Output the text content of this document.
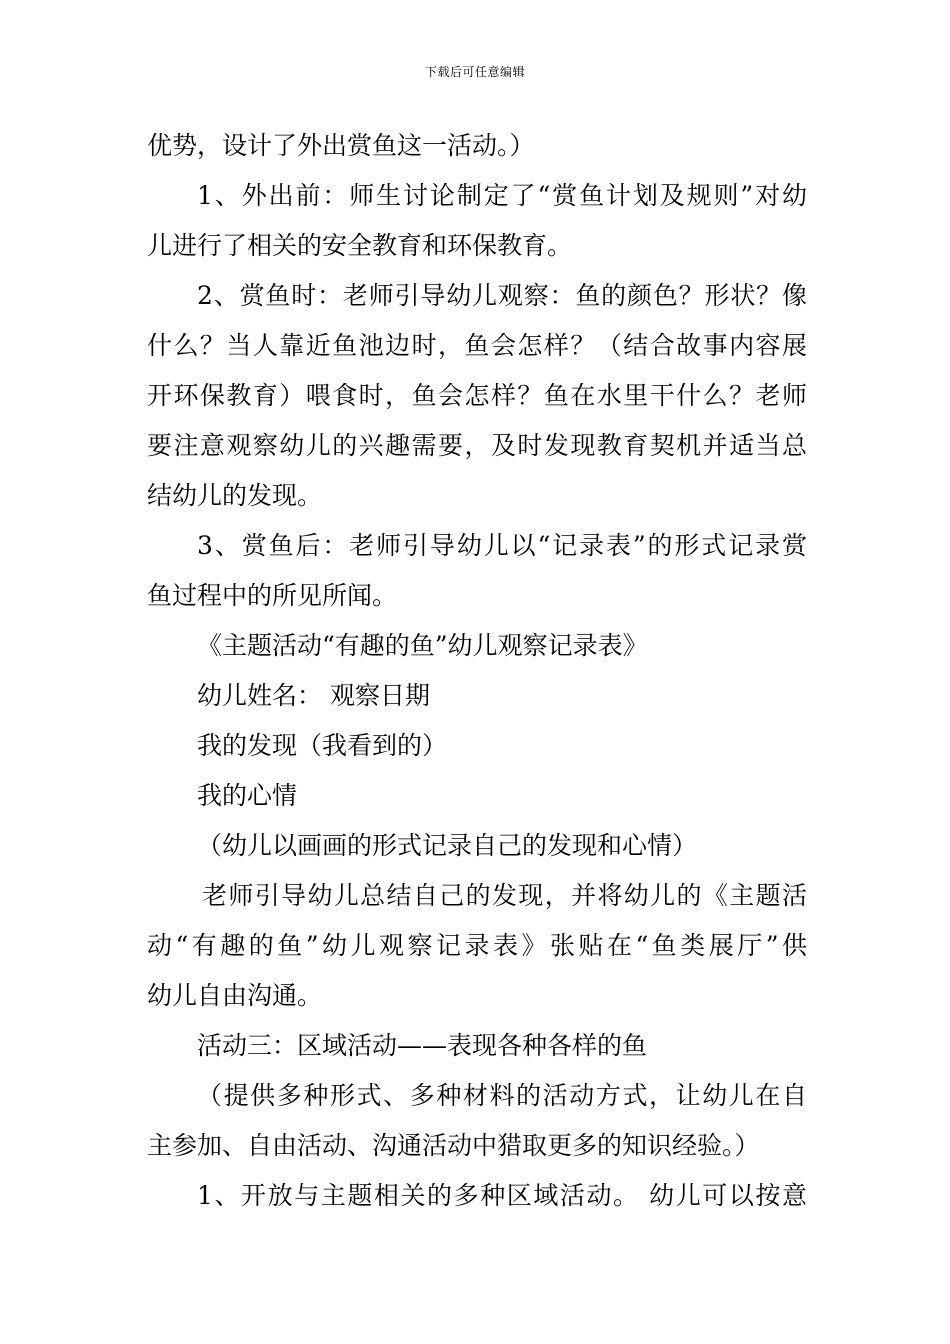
下载后可任意编辑
优势，设计了外出赏鱼这一活动。）
1、外出前：师生讨论制定了“赏鱼计划及规则”对幼
儿进行了相关的安全教育和环保教育。
2、赏鱼时：老师引导幼儿观察：鱼的颜色？形状？像
什么？当人靠近鱼池边时，鱼会怎样？（结合故事内容展
开环保教育）喂食时，鱼会怎样？鱼在水里干什么？老师
要注意观察幼儿的兴趣需要，及时发现教育契机并适当总
结幼儿的发现。
3、赏鱼后：老师引导幼儿以“记录表”的形式记录赏
鱼过程中的所见所闻。
《主题活动“有趣的鱼”幼儿观察记录表》
幼儿姓名： 观察日期
我的发现（我看到的）
我的心情
（幼儿以画画的形式记录自己的发现和心情）
老师引导幼儿总结自己的发现，并将幼儿的《主题活
动“有趣的鱼”幼儿观察记录表》张贴在“鱼类展厅”供
幼儿自由沟通。
活动三：区域活动——表现各种各样的鱼
（提供多种形式、多种材料的活动方式，让幼儿在自
主参加、自由活动、沟通活动中猎取更多的知识经验。）
1、开放与主题相关的多种区域活动。 幼儿可以按意
